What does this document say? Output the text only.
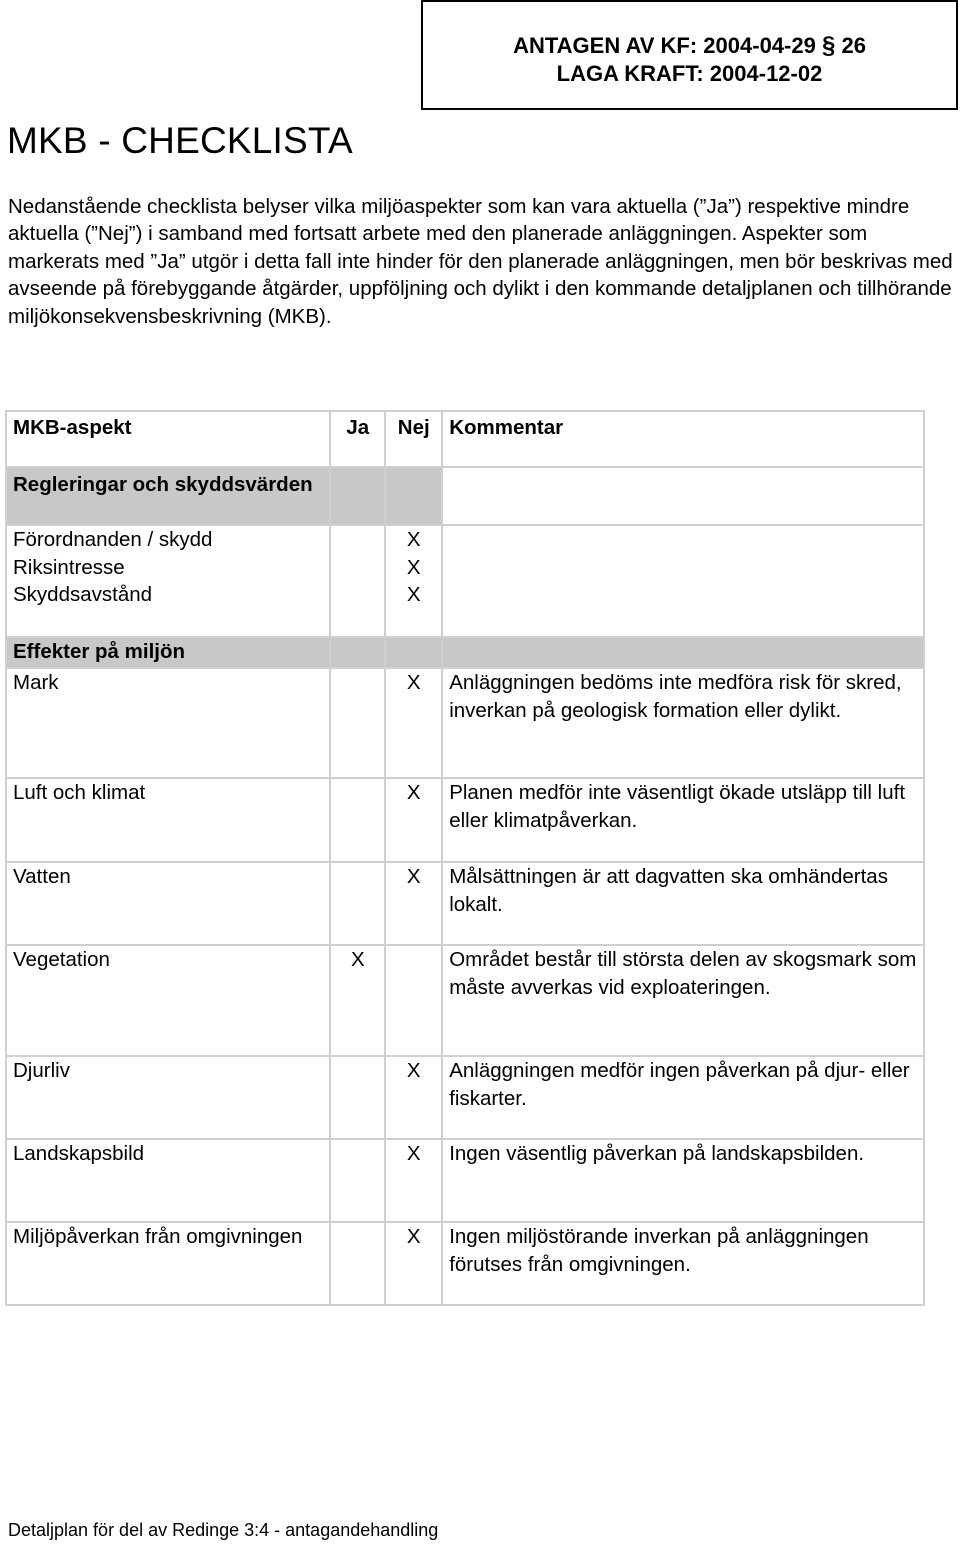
ANTAGEN AV KF: 2004-04-29 § 26
LAGA KRAFT: 2004-12-02
MKB - CHECKLISTA

Nedanstående checklista belyser vilka miljöaspekter som kan vara aktuella (”Ja”) respektive mindre aktuella (”Nej”) i samband med fortsatt arbete med den planerade anläggningen. Aspekter som markerats med ”Ja” utgör i detta fall inte hinder för den planerade anläggningen, men bör beskrivas med avseende på förebyggande åtgärder, uppföljning och dylikt i den kommande detaljplanen och tillhörande miljökonsekvensbeskrivning (MKB).

MKB-aspekt	Ja	Nej	Kommentar
Regleringar och skyddsvärden			
Förordnanden / skydd		X	
Riksintresse		X	
Skyddsavstånd		X	
Effekter på miljön			
Mark		X	Anläggningen bedöms inte medföra risk för skred, inverkan på geologisk formation eller dylikt.
Luft och klimat		X	Planen medför inte väsentligt ökade utsläpp till luft eller klimatpåverkan.
Vatten		X	Målsättningen är att dagvatten ska omhändertas lokalt.
Vegetation	X		Området består till största delen av skogsmark som måste avverkas vid exploateringen.
Djurliv		X	Anläggningen medför ingen påverkan på djur- eller fiskarter.
Landskapsbild		X	Ingen väsentlig påverkan på landskapsbilden.
Miljöpåverkan från omgivningen		X	Ingen miljöstörande inverkan på anläggningen förutses från omgivningen.
Detaljplan för del av Redinge 3:4 - antagandehandling
